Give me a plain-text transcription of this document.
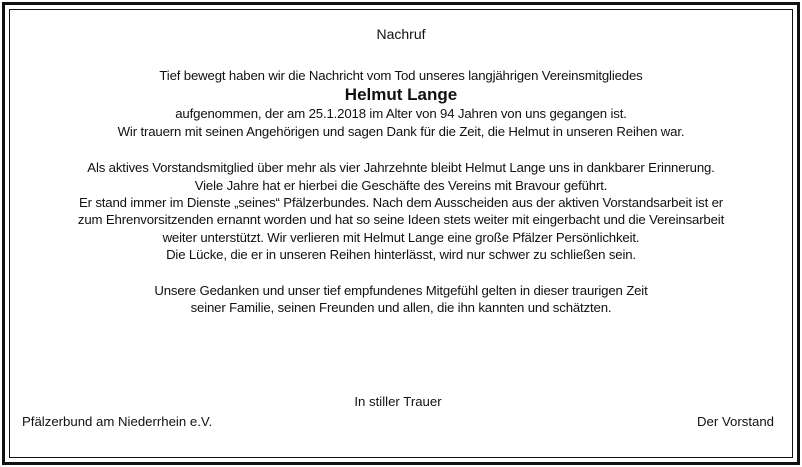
Nachruf
Tief bewegt haben wir die Nachricht vom Tod unseres langjährigen Vereinsmitgliedes
Helmut Lange
aufgenommen, der am 25.1.2018 im Alter von 94 Jahren von uns gegangen ist.
Wir trauern mit seinen Angehörigen und sagen Dank für die Zeit, die Helmut in unseren Reihen war.
Als aktives Vorstandsmitglied über mehr als vier Jahrzehnte bleibt Helmut Lange uns in dankbarer Erinnerung.
Viele Jahre hat er hierbei die Geschäfte des Vereins mit Bravour geführt.
Er stand immer im Dienste „seines“ Pfälzerbundes. Nach dem Ausscheiden aus der aktiven Vorstandsarbeit ist er
zum Ehrenvorsitzenden ernannt worden und hat so seine Ideen stets weiter mit eingerbacht und die Vereinsarbeit
weiter unterstützt. Wir verlieren mit Helmut Lange eine große Pfälzer Persönlichkeit.
Die Lücke, die er in unseren Reihen hinterlässt, wird nur schwer zu schließen sein.
Unsere Gedanken und unser tief empfundenes Mitgefühl gelten in dieser traurigen Zeit
seiner Familie, seinen Freunden und allen, die ihn kannten und schätzten.
In stiller Trauer
Pfälzerbund am Niederrhein e.V.	Der Vorstand
